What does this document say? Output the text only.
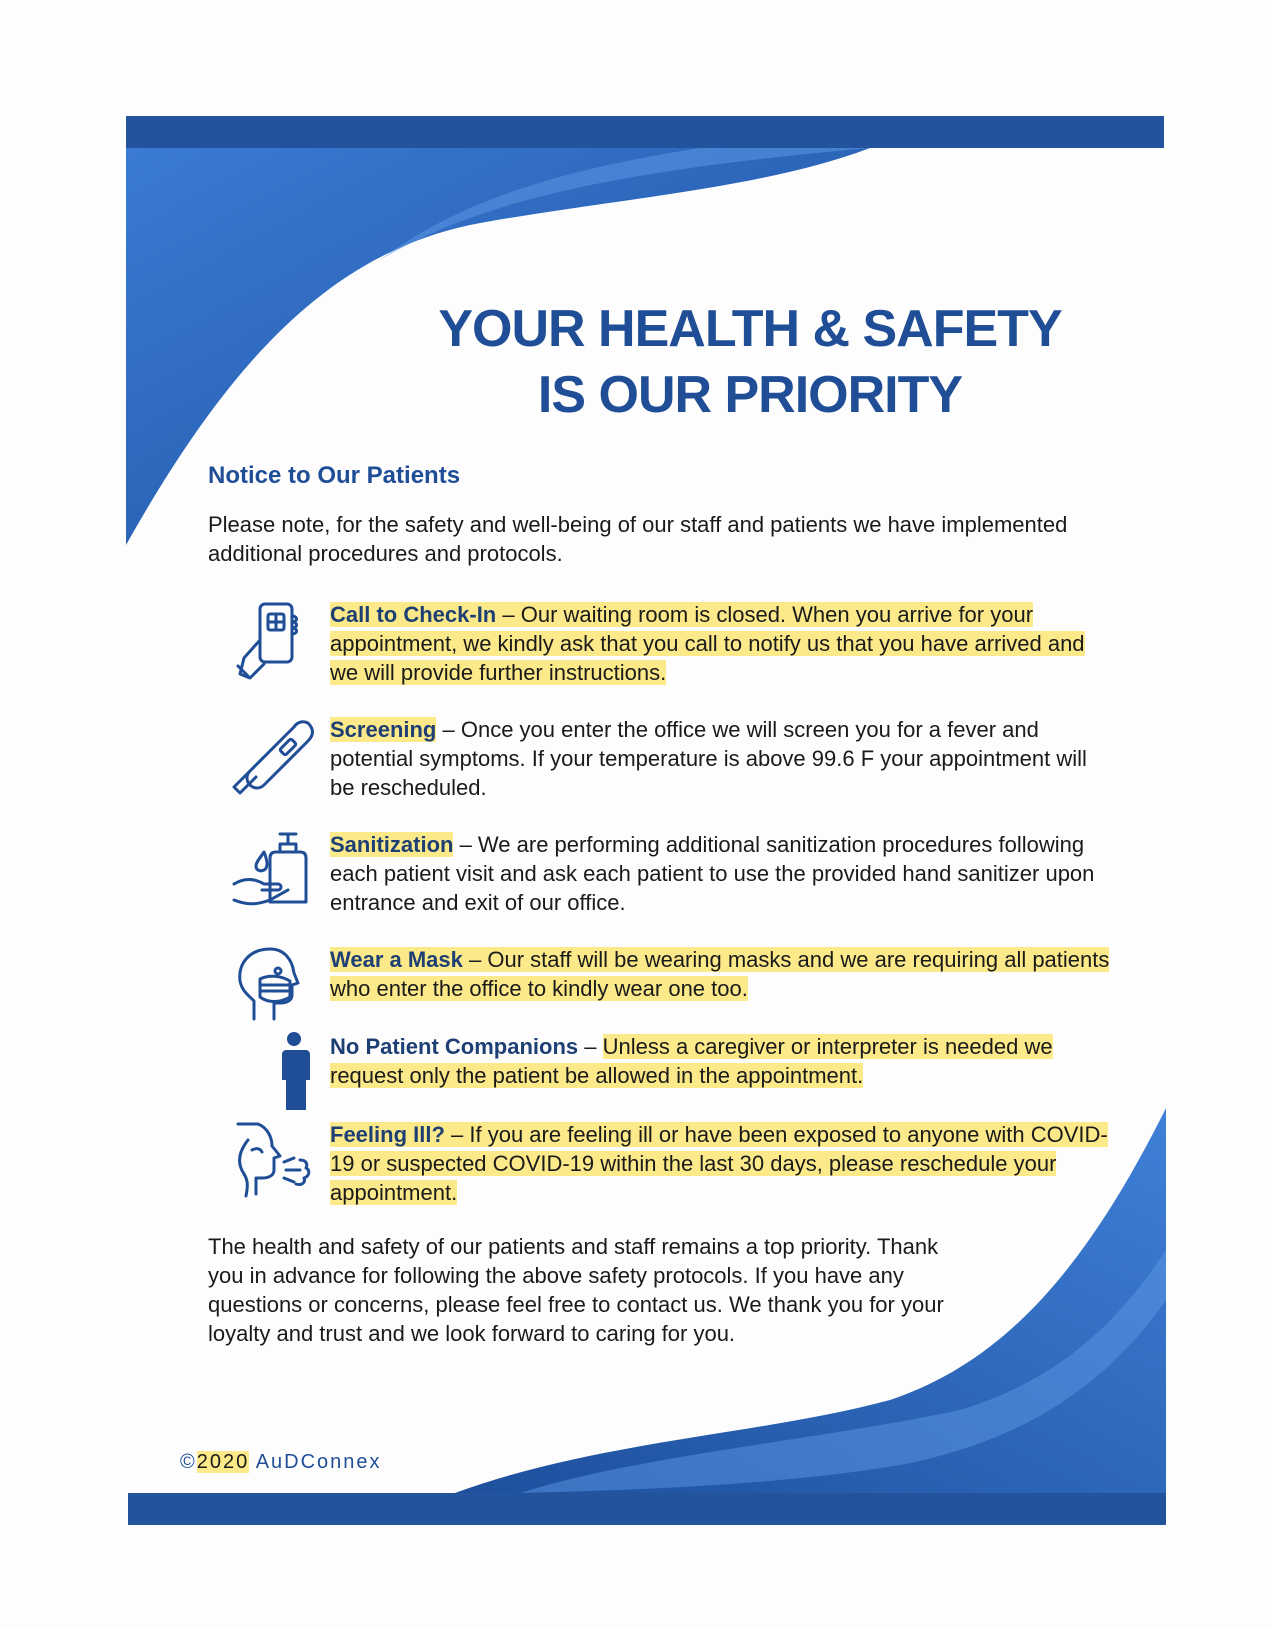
YOUR HEALTH & SAFETY
IS OUR PRIORITY
Notice to Our Patients

Please note, for the safety and well-being of our staff and patients we have implemented additional procedures and protocols.

Call to Check-In – Our waiting room is closed. When you arrive for your appointment, we kindly ask that you call to notify us that you have arrived and we will provide further instructions.
Screening – Once you enter the office we will screen you for a fever and potential symptoms. If your temperature is above 99.6 F your appointment will be rescheduled.
Sanitization – We are performing additional sanitization procedures following each patient visit and ask each patient to use the provided hand sanitizer upon entrance and exit of our office.
Wear a Mask – Our staff will be wearing masks and we are requiring all patients who enter the office to kindly wear one too.
No Patient Companions – Unless a caregiver or interpreter is needed we request only the patient be allowed in the appointment.
Feeling Ill? – If you are feeling ill or have been exposed to anyone with COVID-19 or suspected COVID-19 within the last 30 days, please reschedule your appointment.

The health and safety of our patients and staff remains a top priority. Thank you in advance for following the above safety protocols. If you have any questions or concerns, please feel free to contact us. We thank you for your loyalty and trust and we look forward to caring for you.

©2020 AuDConnex
